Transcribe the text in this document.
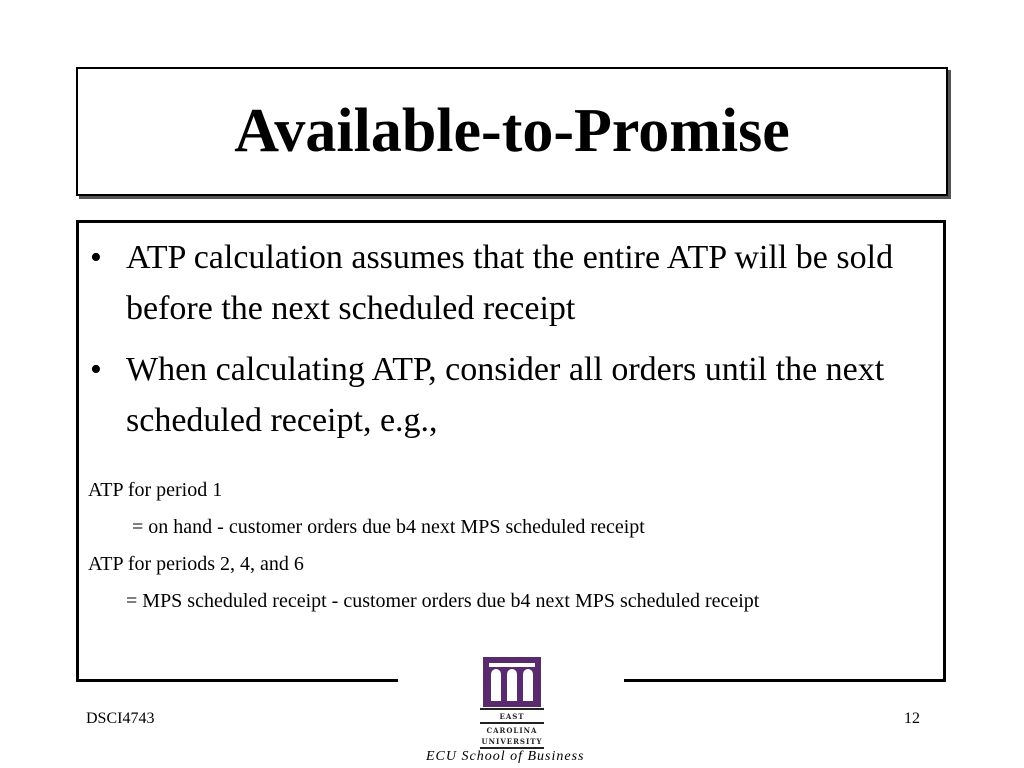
Available-to-Promise
• ATP calculation assumes that the entire ATP will be sold before the next scheduled receipt
• When calculating ATP, consider all orders until the next scheduled receipt, e.g.,
ATP for period 1
= on hand - customer orders due b4 next MPS scheduled receipt
ATP for periods 2, 4, and 6
= MPS scheduled receipt - customer orders due b4 next MPS scheduled receipt
DSCI4743	12
EAST
CAROLINA
UNIVERSITY
ECU School of Business
